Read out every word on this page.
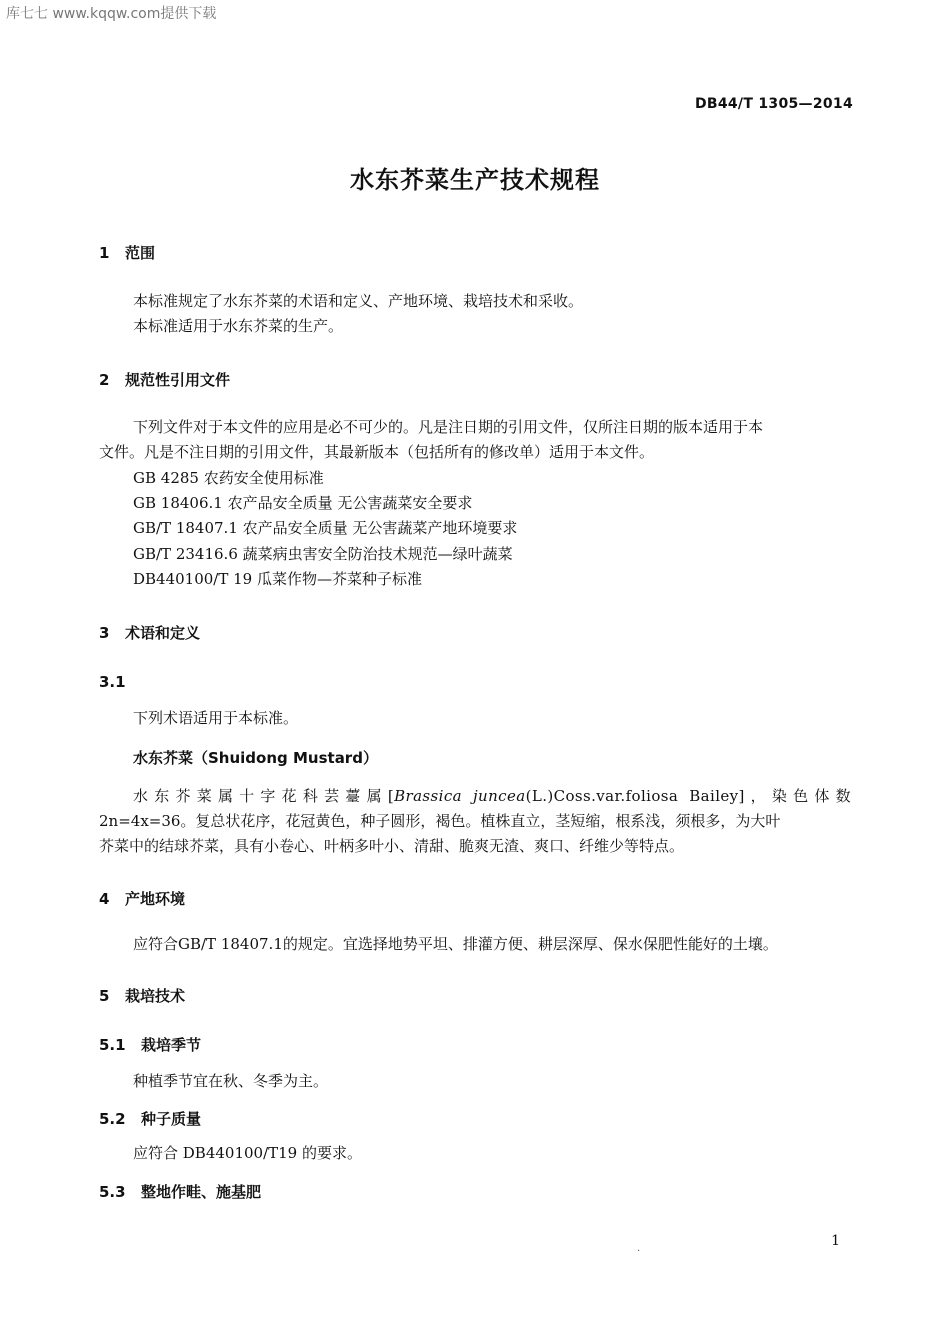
库七七 www.kqqw.com提供下载
DB44/T 1305—2014
水东芥菜生产技术规程
1 范围
本标准规定了水东芥菜的术语和定义、产地环境、栽培技术和采收。
本标准适用于水东芥菜的生产。
2 规范性引用文件
下列文件对于本文件的应用是必不可少的。凡是注日期的引用文件，仅所注日期的版本适用于本
文件。凡是不注日期的引用文件，其最新版本（包括所有的修改单）适用于本文件。
GB 4285 农药安全使用标准
GB 18406.1 农产品安全质量 无公害蔬菜安全要求
GB/T 18407.1 农产品安全质量 无公害蔬菜产地环境要求
GB/T 23416.6 蔬菜病虫害安全防治技术规范—绿叶蔬菜
DB440100/T 19 瓜菜作物—芥菜种子标准
3 术语和定义
3.1
下列术语适用于本标准。
水东芥菜（Shuidong Mustard）
水东芥菜属十字花科芸薹属[Brassica juncea(L.)Coss.var.foliosa Bailey]，染色体数
2n=4x=36。复总状花序，花冠黄色，种子圆形，褐色。植株直立，茎短缩，根系浅，须根多，为大叶
芥菜中的结球芥菜，具有小卷心、叶柄多叶小、清甜、脆爽无渣、爽口、纤维少等特点。
4 产地环境
应符合GB/T 18407.1的规定。宜选择地势平坦、排灌方便、耕层深厚、保水保肥性能好的土壤。
5 栽培技术
5.1 栽培季节
种植季节宜在秋、冬季为主。
5.2 种子质量
应符合 DB440100/T19 的要求。
5.3 整地作畦、施基肥
1
·
